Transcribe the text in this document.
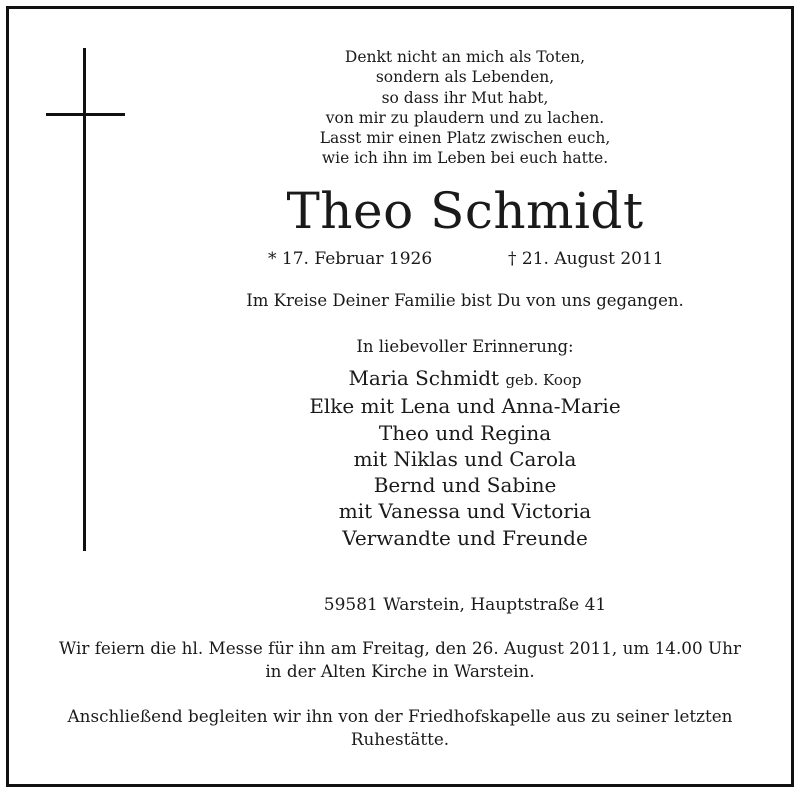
Denkt nicht an mich als Toten,
sondern als Lebenden,
so dass ihr Mut habt,
von mir zu plaudern und zu lachen.
Lasst mir einen Platz zwischen euch,
wie ich ihn im Leben bei euch hatte.
Theo Schmidt
* 17. Februar 1926	† 21. August 2011
Im Kreise Deiner Familie bist Du von uns gegangen.
In liebevoller Erinnerung:
Maria Schmidt geb. Koop
Elke mit Lena und Anna-Marie
Theo und Regina
mit Niklas und Carola
Bernd und Sabine
mit Vanessa und Victoria
Verwandte und Freunde
59581 Warstein, Hauptstraße 41
Wir feiern die hl. Messe für ihn am Freitag, den 26. August 2011, um 14.00 Uhr
in der Alten Kirche in Warstein.
Anschließend begleiten wir ihn von der Friedhofskapelle aus zu seiner letzten
Ruhestätte.
